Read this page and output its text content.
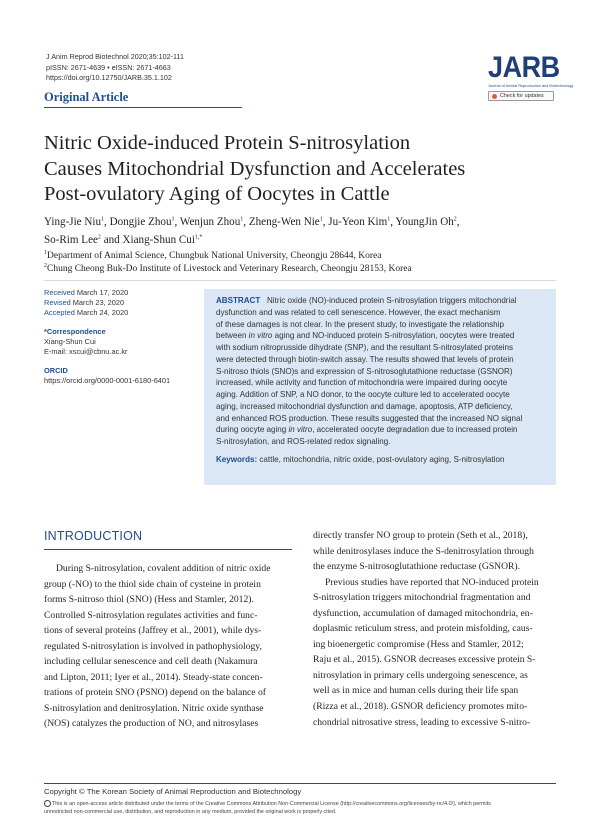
J Anim Reprod Biotechnol 2020;35:102-111
pISSN: 2671-4639 • eISSN: 2671-4663
https://doi.org/10.12750/JARB.35.1.102
Original Article
JARB
Journal of Animal Reproduction and Biotechnology
Check for updates
Nitric Oxide-induced Protein S-nitrosylation
Causes Mitochondrial Dysfunction and Accelerates
Post-ovulatory Aging of Oocytes in Cattle
Ying-Jie Niu$^1$, Dongjie Zhou$^1$, Wenjun Zhou$^1$, Zheng-Wen Nie$^1$, Ju-Yeon Kim$^1$, YoungJin Oh$^2$,
So-Rim Lee$^2$ and Xiang-Shun Cui$^{1,*}$
$^1$Department of Animal Science, Chungbuk National University, Cheongju 28644, Korea
$^2$Chung Cheong Buk-Do Institute of Livestock and Veterinary Research, Cheongju 28153, Korea
Received March 17, 2020
Revised March 23, 2020
Accepted March 24, 2020
*Correspondence
Xiang-Shun Cui
E-mail: xscui@cbnu.ac.kr
ORCID
https://orcid.org/0000-0001-6180-6401
ABSTRACT Nitric oxide (NO)-induced protein S-nitrosylation triggers mitochondrial
dysfunction and was related to cell senescence. However, the exact mechanism
of these damages is not clear. In the present study, to investigate the relationship
between in vitro aging and NO-induced protein S-nitrosylation, oocytes were treated
with sodium nitroprusside dihydrate (SNP), and the resultant S-nitrosylated proteins
were detected through biotin-switch assay. The results showed that levels of protein
S-nitroso thiols (SNO)s and expression of S-nitrosoglutathione reductase (GSNOR)
increased, while activity and function of mitochondria were impaired during oocyte
aging. Addition of SNP, a NO donor, to the oocyte culture led to accelerated oocyte
aging, increased mitochondrial dysfunction and damage, apoptosis, ATP deficiency,
and enhanced ROS production. These results suggested that the increased NO signal
during oocyte aging in vitro, accelerated oocyte degradation due to increased protein
S-nitrosylation, and ROS-related redox signaling.
Keywords: cattle, mitochondria, nitric oxide, post-ovulatory aging, S-nitrosylation
INTRODUCTION
During S-nitrosylation, covalent addition of nitric oxide
group (-NO) to the thiol side chain of cysteine in protein
forms S-nitroso thiol (SNO) (Hess and Stamler, 2012).
Controlled S-nitrosylation regulates activities and func-
tions of several proteins (Jaffrey et al., 2001), while dys-
regulated S-nitrosylation is involved in pathophysiology,
including cellular senescence and cell death (Nakamura
and Lipton, 2011; Iyer et al., 2014). Steady-state concen-
trations of protein SNO (PSNO) depend on the balance of
S-nitrosylation and denitrosylation. Nitric oxide synthase
(NOS) catalyzes the production of NO, and nitrosylases
directly transfer NO group to protein (Seth et al., 2018),
while denitrosylases induce the S-denitrosylation through
the enzyme S-nitrosoglutathione reductase (GSNOR).
Previous studies have reported that NO-induced protein
S-nitrosylation triggers mitochondrial fragmentation and
dysfunction, accumulation of damaged mitochondria, en-
doplasmic reticulum stress, and protein misfolding, caus-
ing bioenergetic compromise (Hess and Stamler, 2012;
Raju et al., 2015). GSNOR decreases excessive protein S-
nitrosylation in primary cells undergoing senescence, as
well as in mice and human cells during their life span
(Rizza et al., 2018). GSNOR deficiency promotes mito-
chondrial nitrosative stress, leading to excessive S-nitro-
Copyright © The Korean Society of Animal Reproduction and Biotechnology
This is an open-access article distributed under the terms of the Creative Commons Attribution Non-Commercial License (http://creativecommons.org/licenses/by-nc/4.0/), which permits
unrestricted non-commercial use, distribution, and reproduction in any medium, provided the original work is properly cited.
